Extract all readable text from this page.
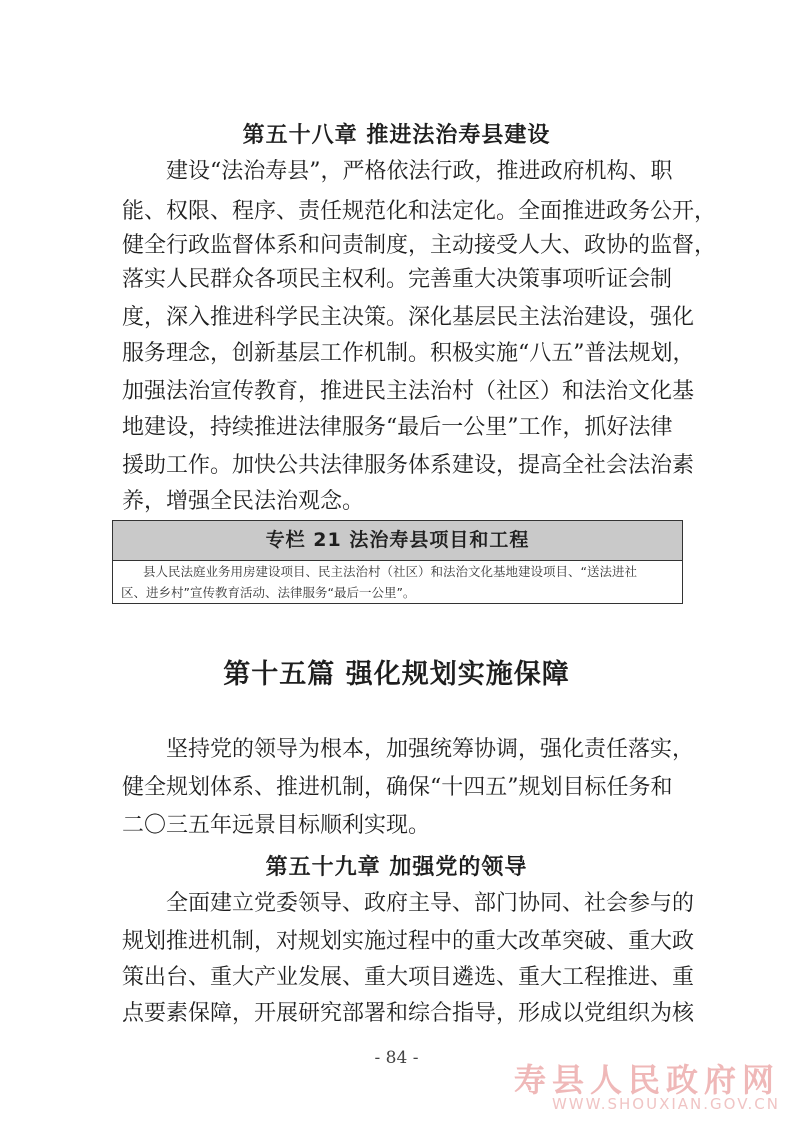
第五十八章 推进法治寿县建设
建设“法治寿县”，严格依法行政，推进政府机构、职
能、权限、程序、责任规范化和法定化。全面推进政务公开，
健全行政监督体系和问责制度，主动接受人大、政协的监督，
落实人民群众各项民主权利。完善重大决策事项听证会制
度，深入推进科学民主决策。深化基层民主法治建设，强化
服务理念，创新基层工作机制。积极实施“八五”普法规划，
加强法治宣传教育，推进民主法治村（社区）和法治文化基
地建设，持续推进法律服务“最后一公里”工作，抓好法律
援助工作。加快公共法律服务体系建设，提高全社会法治素
养，增强全民法治观念。
专栏 21 法治寿县项目和工程
县人民法庭业务用房建设项目、民主法治村（社区）和法治文化基地建设项目、“送法进社
区、进乡村”宣传教育活动、法律服务“最后一公里”。
第十五篇 强化规划实施保障
坚持党的领导为根本，加强统筹协调，强化责任落实，
健全规划体系、推进机制，确保“十四五”规划目标任务和
二〇三五年远景目标顺利实现。
第五十九章 加强党的领导
全面建立党委领导、政府主导、部门协同、社会参与的
规划推进机制，对规划实施过程中的重大改革突破、重大政
策出台、重大产业发展、重大项目遴选、重大工程推进、重
点要素保障，开展研究部署和综合指导，形成以党组织为核
- 84 -
寿县人民政府网
WWW.SHOUXIAN.GOV.CN
